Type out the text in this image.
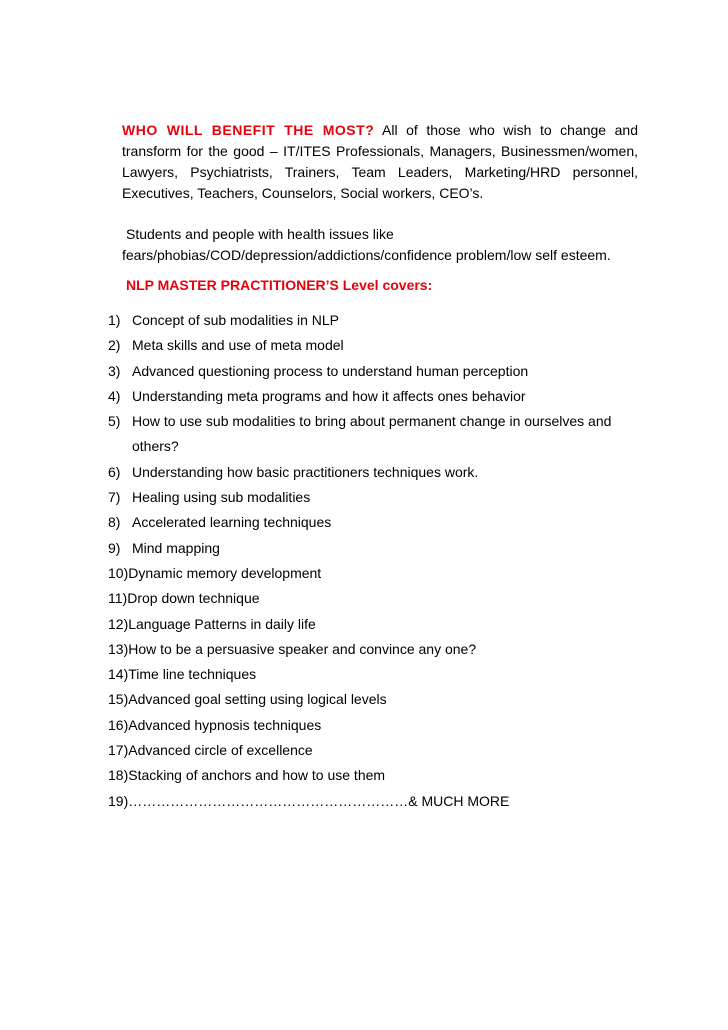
WHO WILL BENEFIT THE MOST? All of those who wish to change and transform for the good – IT/ITES Professionals, Managers, Businessmen/women, Lawyers, Psychiatrists, Trainers, Team Leaders, Marketing/HRD personnel, Executives, Teachers, Counselors, Social workers, CEO’s.

Students and people with health issues like
fears/phobias/COD/depression/addictions/confidence problem/low self esteem.
NLP MASTER PRACTITIONER’S Level covers:
1) Concept of sub modalities in NLP
2) Meta skills and use of meta model
3) Advanced questioning process to understand human perception
4) Understanding meta programs and how it affects ones behavior
5) How to use sub modalities to bring about permanent change in ourselves and
others?
6) Understanding how basic practitioners techniques work.
7) Healing using sub modalities
8) Accelerated learning techniques
9) Mind mapping
10)Dynamic memory development
11)Drop down technique
12)Language Patterns in daily life
13)How to be a persuasive speaker and convince any one?
14)Time line techniques
15)Advanced goal setting using logical levels
16)Advanced hypnosis techniques
17)Advanced circle of excellence
18)Stacking of anchors and how to use them
19)……………………………………………………& MUCH MORE
